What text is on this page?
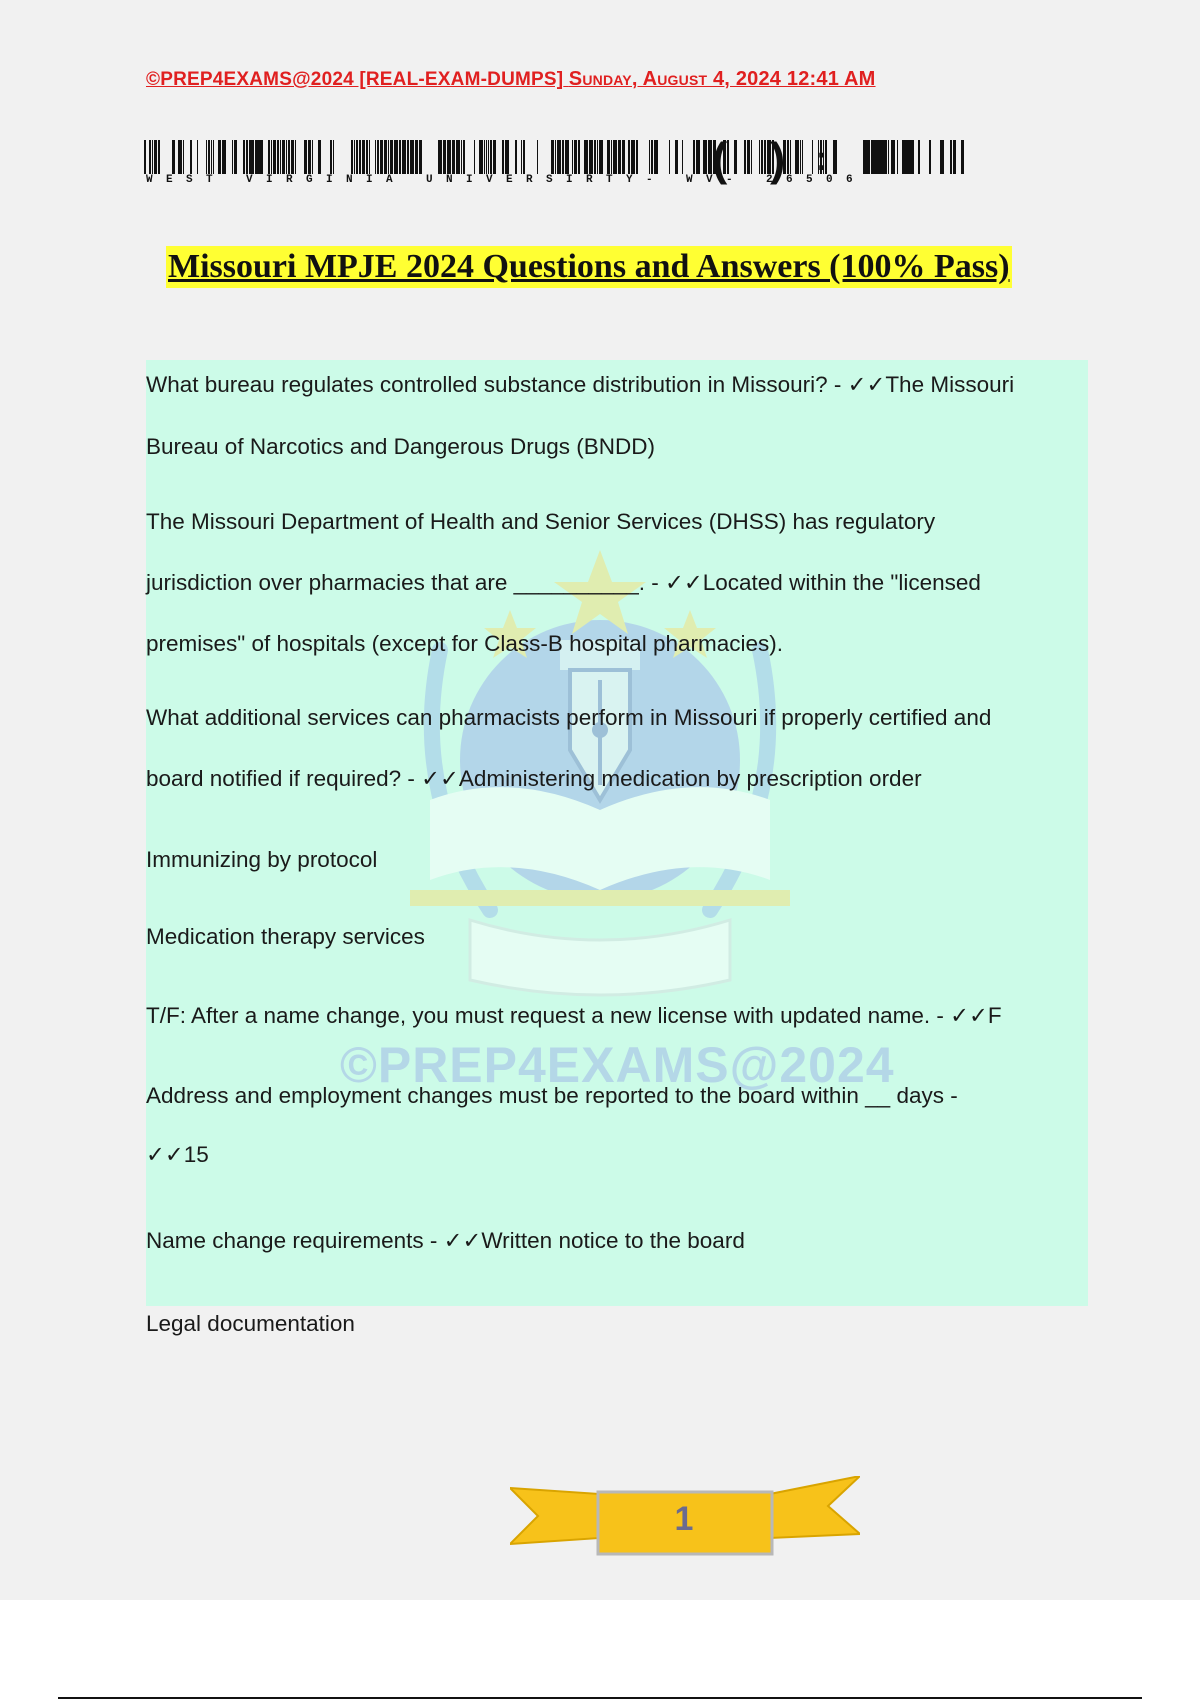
©PREP4EXAMS@2024 [REAL-EXAM-DUMPS] Sunday, August 4, 2024 12:41 AM
( ) :
WEST VIRGINIA UNIVERSIRTY- WV- 26506
Missouri MPJE 2024 Questions and Answers (100% Pass)
©PREP4EXAMS@2024
What bureau regulates controlled substance distribution in Missouri? - ✓✓The Missouri
Bureau of Narcotics and Dangerous Drugs (BNDD)
The Missouri Department of Health and Senior Services (DHSS) has regulatory
jurisdiction over pharmacies that are __________. - ✓✓Located within the "licensed
premises" of hospitals (except for Class-B hospital pharmacies).
What additional services can pharmacists perform in Missouri if properly certified and
board notified if required? - ✓✓Administering medication by prescription order
Immunizing by protocol
Medication therapy services
T/F: After a name change, you must request a new license with updated name. - ✓✓F
Address and employment changes must be reported to the board within __ days -
✓✓15
Name change requirements - ✓✓Written notice to the board
Legal documentation
1
